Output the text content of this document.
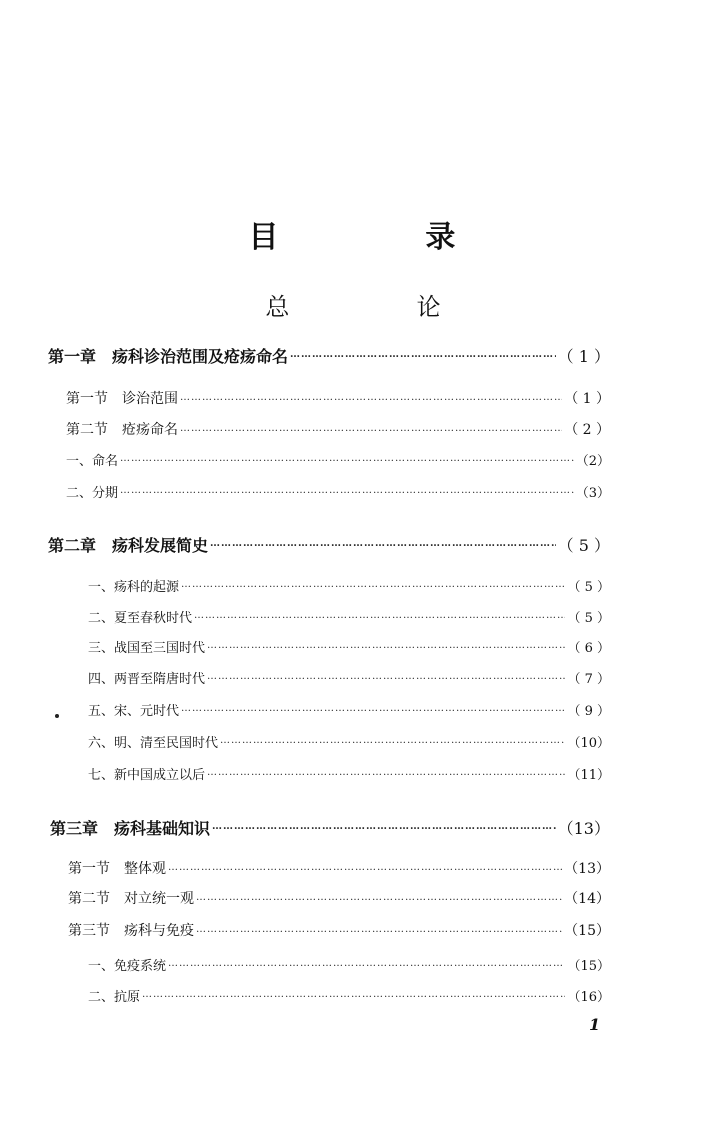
目  录
总  论
第一章　疡科诊治范围及疮疡命名 …………………………………………………………………………………………………………………………………………………………………………………………	（ 1 ）
第一节　诊治范围 …………………………………………………………………………………………………………………………………………………………………………………………	（ 1 ）
第二节　疮疡命名 …………………………………………………………………………………………………………………………………………………………………………………………	（ 2 ）
一、命名 …………………………………………………………………………………………………………………………………………………………………………………………	（2）
二、分期 …………………………………………………………………………………………………………………………………………………………………………………………	（3）
第二章　疡科发展简史 …………………………………………………………………………………………………………………………………………………………………………………………	（ 5 ）
一、疡科的起源 …………………………………………………………………………………………………………………………………………………………………………………………	（ 5 ）
二、夏至春秋时代 …………………………………………………………………………………………………………………………………………………………………………………………	（ 5 ）
三、战国至三国时代 …………………………………………………………………………………………………………………………………………………………………………………………	（ 6 ）
四、两晋至隋唐时代 …………………………………………………………………………………………………………………………………………………………………………………………	（ 7 ）
五、宋、元时代 …………………………………………………………………………………………………………………………………………………………………………………………	（ 9 ）
六、明、清至民国时代 …………………………………………………………………………………………………………………………………………………………………………………………	（10）
七、新中国成立以后 …………………………………………………………………………………………………………………………………………………………………………………………	（11）
第三章　疡科基础知识 …………………………………………………………………………………………………………………………………………………………………………………………	（13）
第一节　整体观 …………………………………………………………………………………………………………………………………………………………………………………………	（13）
第二节　对立统一观 …………………………………………………………………………………………………………………………………………………………………………………………	（14）
第三节　疡科与免疫 …………………………………………………………………………………………………………………………………………………………………………………………	（15）
一、免疫系统 …………………………………………………………………………………………………………………………………………………………………………………………	（15）
二、抗原 …………………………………………………………………………………………………………………………………………………………………………………………	（16）
1
